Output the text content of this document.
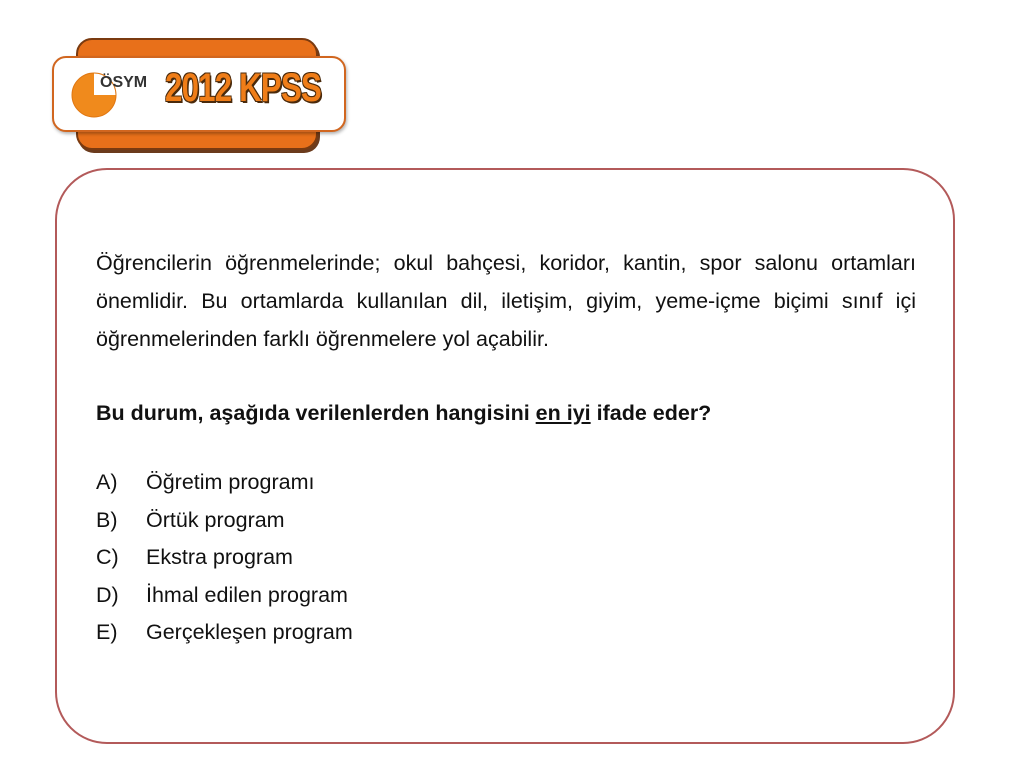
ÖSYM 2012 KPSS

Öğrencilerin öğrenmelerinde; okul bahçesi, koridor, kantin, spor salonu ortamları önemlidir. Bu ortamlarda kullanılan dil, iletişim, giyim, yeme-içme biçimi sınıf içi öğrenmelerinden farklı öğrenmelere yol açabilir.

Bu durum, aşağıda verilenlerden hangisini en iyi ifade eder?

A) Öğretim programı
B) Örtük program
C) Ekstra program
D) İhmal edilen program
E) Gerçekleşen program
